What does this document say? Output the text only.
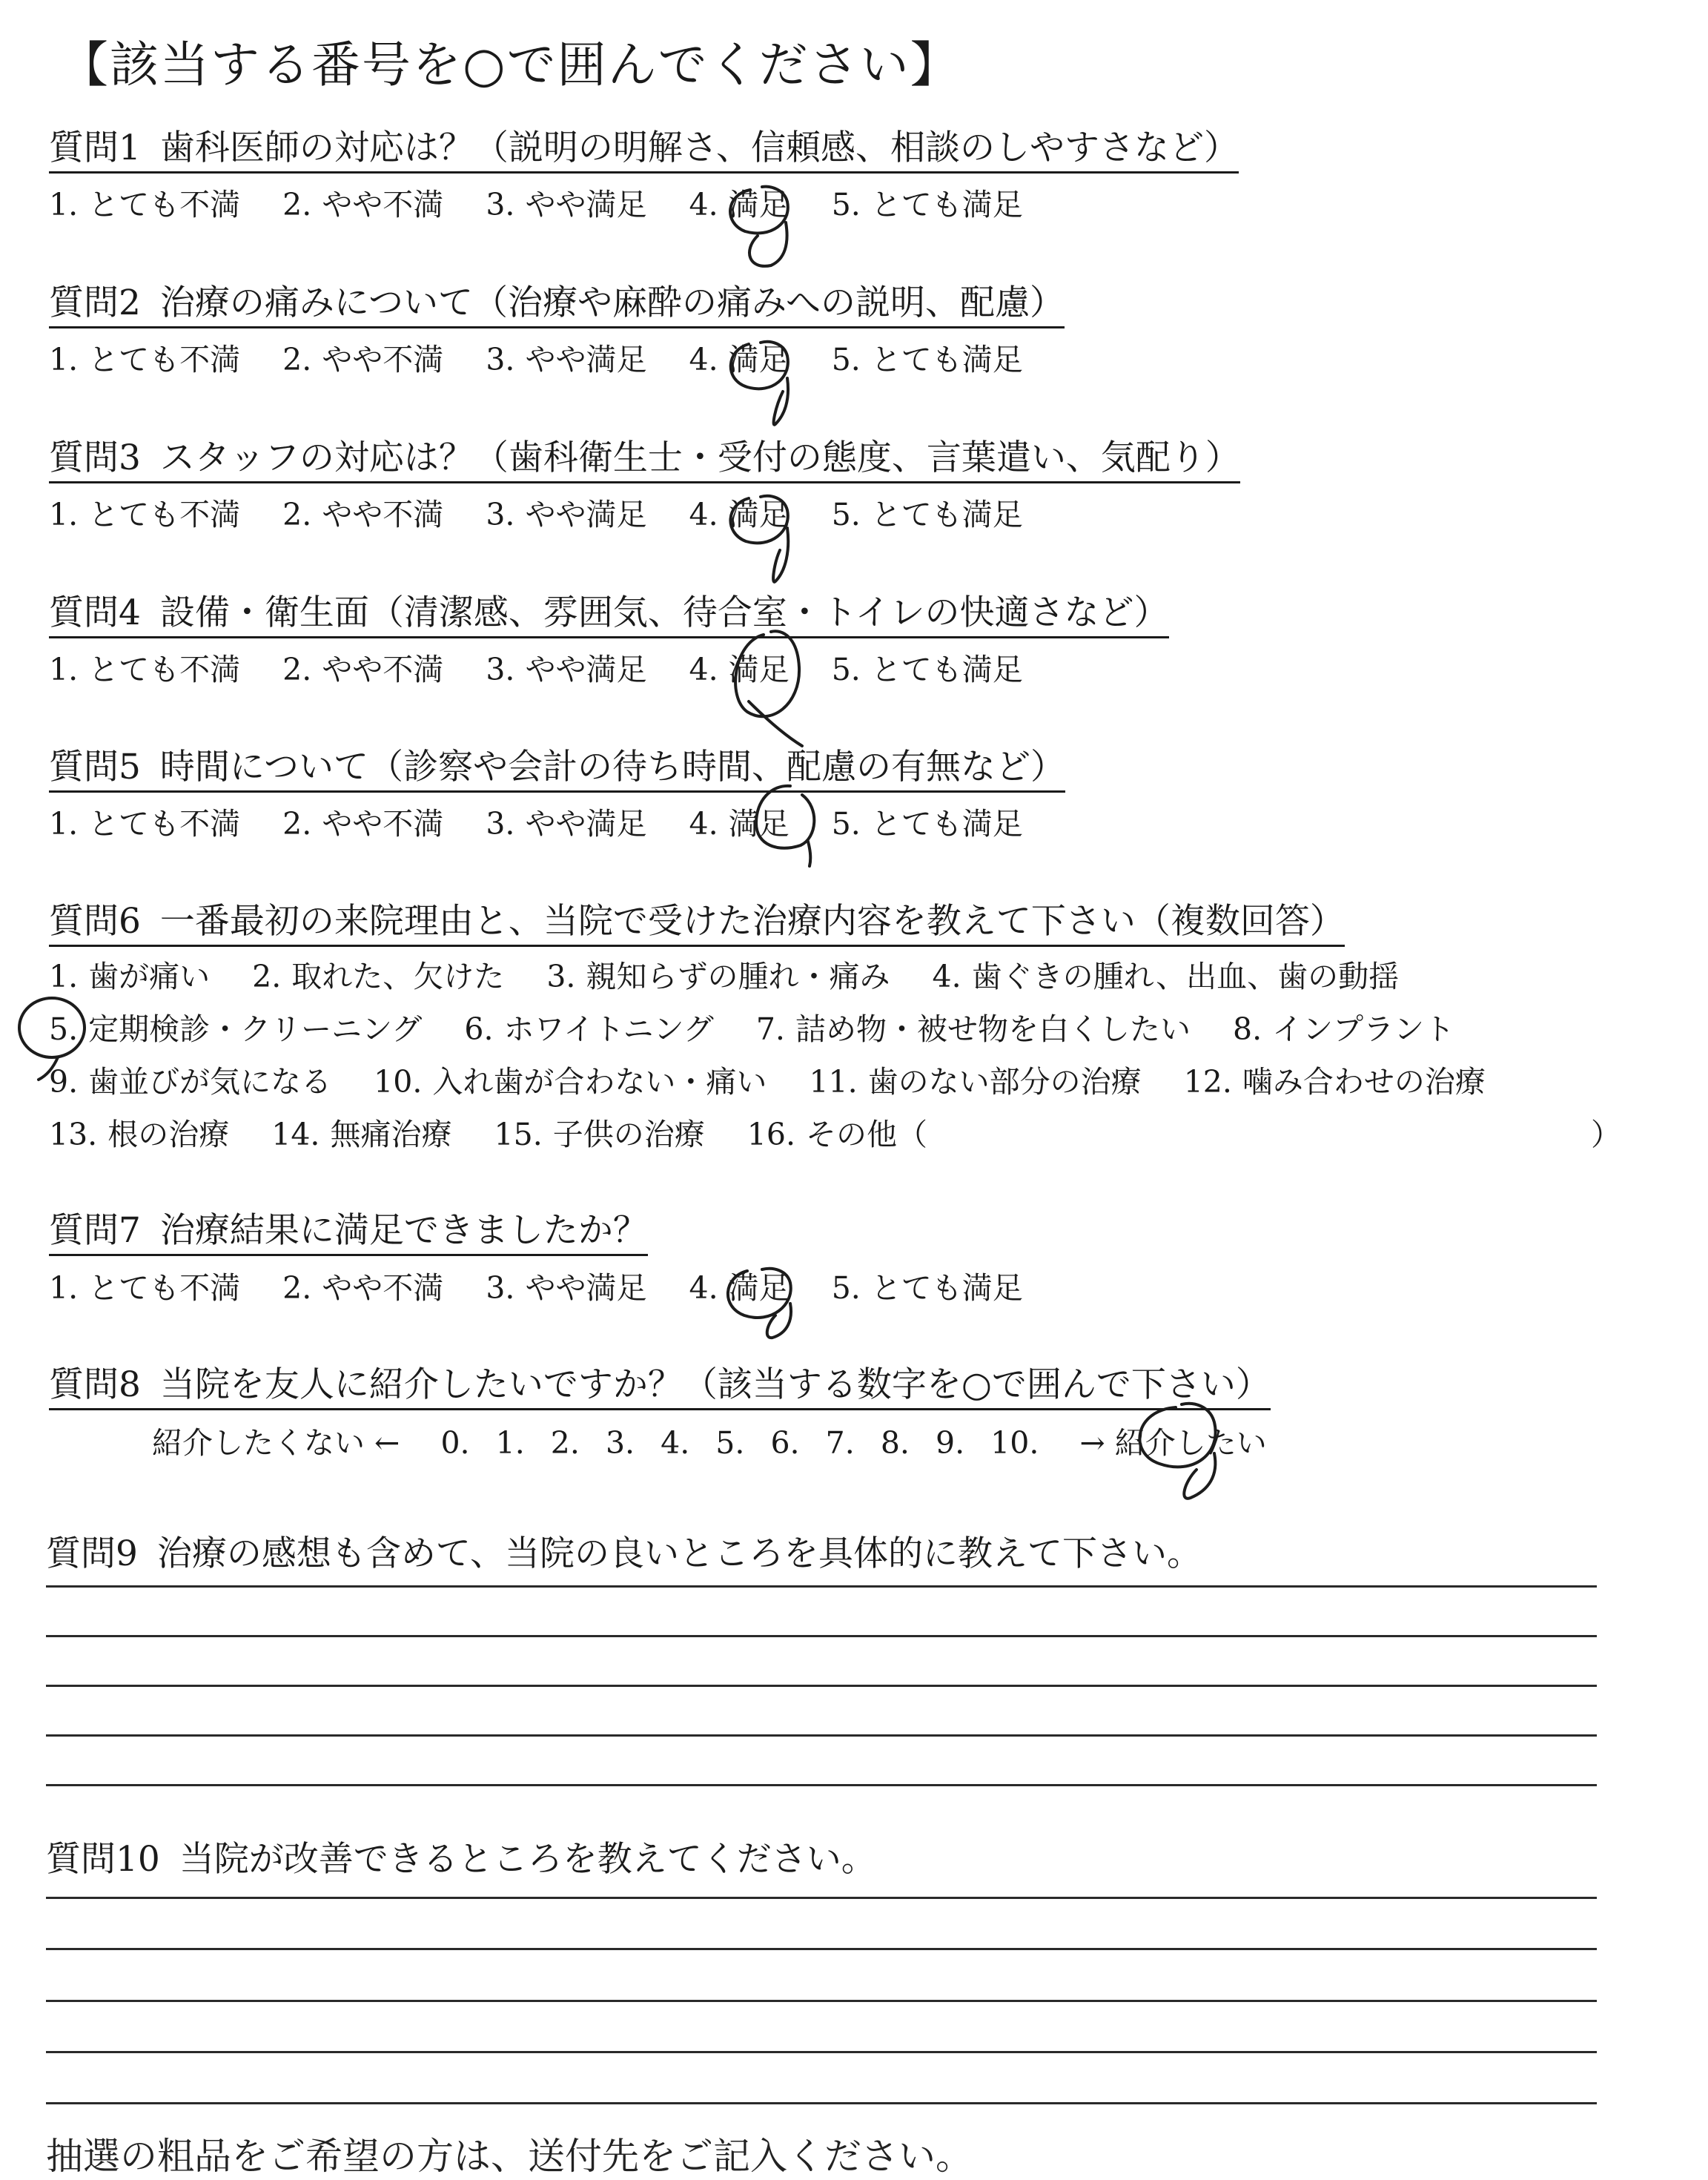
【該当する番号を○で囲んでください】
質問1 歯科医師の対応は？（説明の明解さ、信頼感、相談のしやすさなど）
1. とても不満 2. やや不満 3. やや満足 4. 満足 5. とても満足
質問2 治療の痛みについて（治療や麻酔の痛みへの説明、配慮）
1. とても不満 2. やや不満 3. やや満足 4. 満足 5. とても満足
質問3 スタッフの対応は？（歯科衛生士・受付の態度、言葉遣い、気配り）
1. とても不満 2. やや不満 3. やや満足 4. 満足 5. とても満足
質問4 設備・衛生面（清潔感、雰囲気、待合室・トイレの快適さなど）
1. とても不満 2. やや不満 3. やや満足 4. 満足 5. とても満足
質問5 時間について（診察や会計の待ち時間、配慮の有無など）
1. とても不満 2. やや不満 3. やや満足 4. 満足 5. とても満足
質問6 一番最初の来院理由と、当院で受けた治療内容を教えて下さい（複数回答）
1. 歯が痛い 2. 取れた、欠けた 3. 親知らずの腫れ・痛み 4. 歯ぐきの腫れ、出血、歯の動揺
5. 定期検診・クリーニング 6. ホワイトニング 7. 詰め物・被せ物を白くしたい 8. インプラント
9. 歯並びが気になる 10. 入れ歯が合わない・痛い 11. 歯のない部分の治療 12. 噛み合わせの治療
13. 根の治療 14. 無痛治療 15. 子供の治療 16. その他（	）
質問7 治療結果に満足できましたか？
1. とても不満 2. やや不満 3. やや満足 4. 満足 5. とても満足
質問8 当院を友人に紹介したいですか？（該当する数字を○で囲んで下さい）
紹介したくない ← 0. 1. 2. 3. 4. 5. 6. 7. 8. 9. 10. → 紹介したい
質問9 治療の感想も含めて、当院の良いところを具体的に教えて下さい。
質問10 当院が改善できるところを教えてください。
抽選の粗品をご希望の方は、送付先をご記入ください。
